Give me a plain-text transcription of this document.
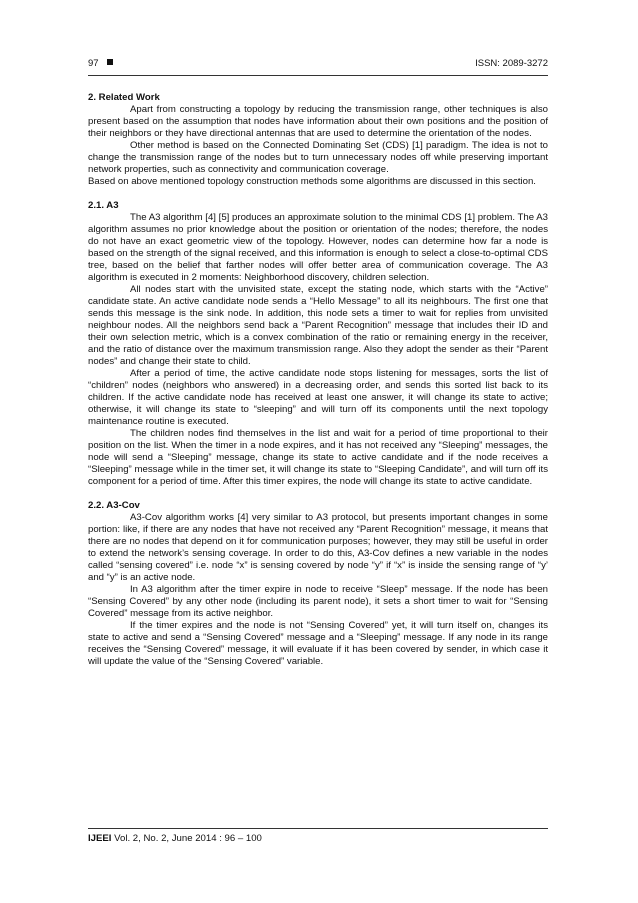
97	ISSN: 2089-3272
2. Related Work

Apart from constructing a topology by reducing the transmission range, other techniques is also present based on the assumption that nodes have information about their own positions and the position of their neighbors or they have directional antennas that are used to determine the orientation of the nodes.

Other method is based on the Connected Dominating Set (CDS) [1] paradigm. The idea is not to change the transmission range of the nodes but to turn unnecessary nodes off while preserving important network properties, such as connectivity and communication coverage.

Based on above mentioned topology construction methods some algorithms are discussed in this section.

2.1. A3

The A3 algorithm [4] [5] produces an approximate solution to the minimal CDS [1] problem. The A3 algorithm assumes no prior knowledge about the position or orientation of the nodes; therefore, the nodes do not have an exact geometric view of the topology. However, nodes can determine how far a node is based on the strength of the signal received, and this information is enough to select a close-to-optimal CDS tree, based on the belief that farther nodes will offer better area of communication coverage. The A3 algorithm is executed in 2 moments: Neighborhood discovery, children selection.

All nodes start with the unvisited state, except the stating node, which starts with the “Active” candidate state. An active candidate node sends a “Hello Message” to all its neighbours. The first one that sends this message is the sink node. In addition, this node sets a timer to wait for replies from unvisited neighbour nodes. All the neighbors send back a “Parent Recognition” message that includes their ID and their own selection metric, which is a convex combination of the ratio or remaining energy in the receiver, and the ratio of distance over the maximum transmission range. Also they adopt the sender as their “Parent nodes” and change their state to child.

After a period of time, the active candidate node stops listening for messages, sorts the list of “children” nodes (neighbors who answered) in a decreasing order, and sends this sorted list back to its children. If the active candidate node has received at least one answer, it will change its state to active; otherwise, it will change its state to “sleeping” and will turn off its components until the next topology maintenance routine is executed.

The children nodes find themselves in the list and wait for a period of time proportional to their position on the list. When the timer in a node expires, and it has not received any “Sleeping” messages, the node will send a “Sleeping” message, change its state to active candidate and if the node receives a “Sleeping” message while in the timer set, it will change its state to “Sleeping Candidate”, and will turn off its component for a period of time. After this timer expires, the node will change its state to active candidate.

2.2. A3-Cov

A3-Cov algorithm works [4] very similar to A3 protocol, but presents important changes in some portion: like, if there are any nodes that have not received any “Parent Recognition” message, it means that there are no nodes that depend on it for communication purposes; however, they may still be useful in order to extend the network’s sensing coverage. In order to do this, A3-Cov defines a new variable in the nodes called “sensing covered” i.e. node “x” is sensing covered by node “y” if “x” is inside the sensing range of “y’ and “y” is an active node.

In A3 algorithm after the timer expire in node to receive “Sleep” message. If the node has been “Sensing Covered” by any other node (including its parent node), it sets a short timer to wait for “Sensing Covered” message from its active neighbor.

If the timer expires and the node is not “Sensing Covered” yet, it will turn itself on, changes its state to active and send a “Sensing Covered” message and a “Sleeping” message. If any node in its range receives the “Sensing Covered” message, it will evaluate if it has been covered by sender, in which case it will update the value of the “Sensing Covered” variable.

IJEEI Vol. 2, No. 2, June 2014 : 96 – 100
